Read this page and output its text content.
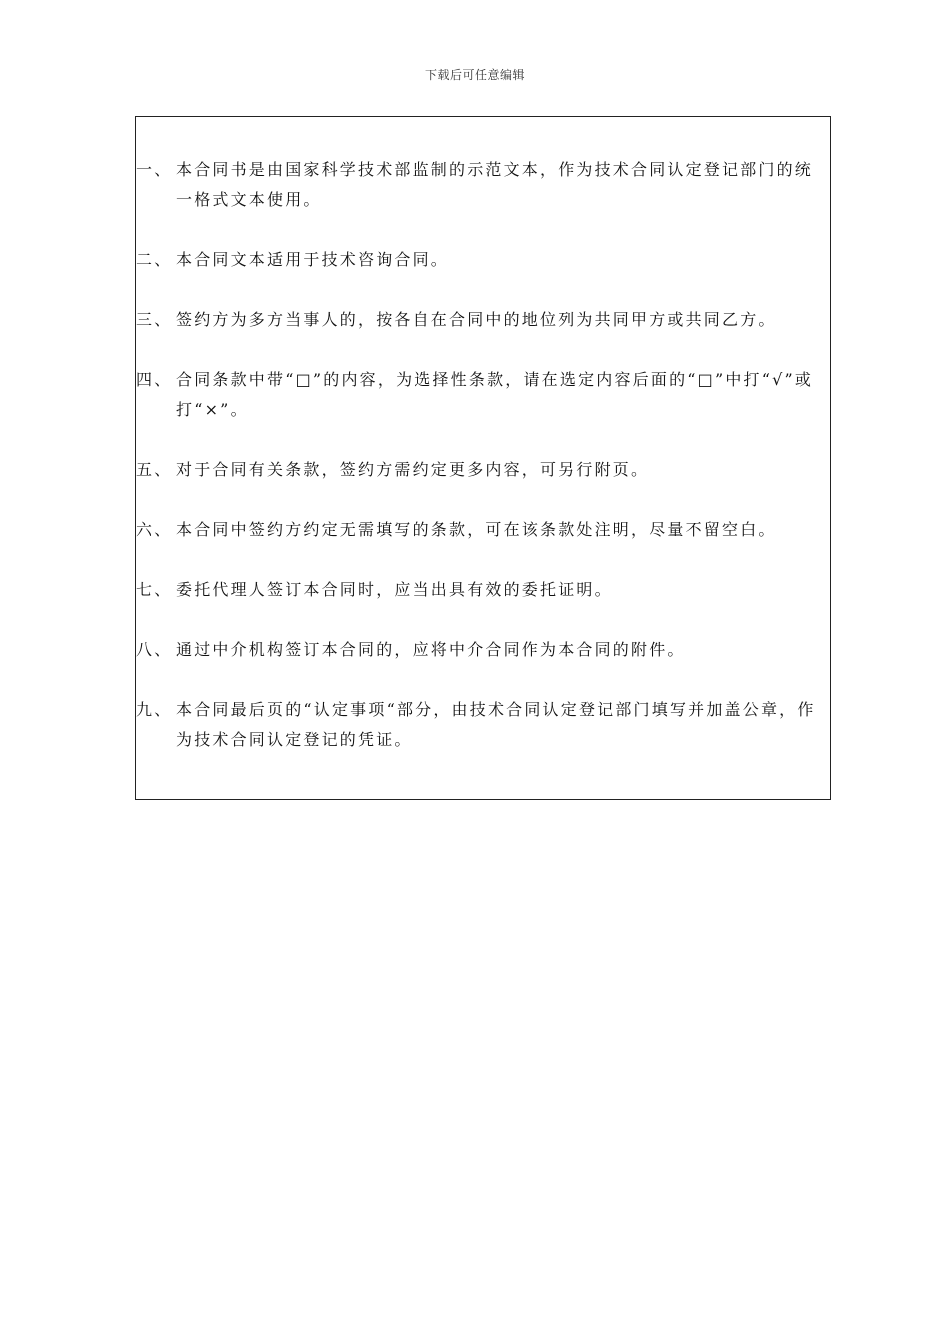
下载后可任意编辑
一、 本合同书是由国家科学技术部监制的示范文本，作为技术合同认定登记部门的统一格式文本使用。
二、 本合同文本适用于技术咨询合同。
三、 签约方为多方当事人的，按各自在合同中的地位列为共同甲方或共同乙方。
四、 合同条款中带“□”的内容，为选择性条款，请在选定内容后面的“□”中打“√”或打“×”。
五、 对于合同有关条款，签约方需约定更多内容，可另行附页。
六、 本合同中签约方约定无需填写的条款，可在该条款处注明，尽量不留空白。
七、 委托代理人签订本合同时，应当出具有效的委托证明。
八、 通过中介机构签订本合同的，应将中介合同作为本合同的附件。
九、 本合同最后页的“认定事项“部分，由技术合同认定登记部门填写并加盖公章，作为技术合同认定登记的凭证。
